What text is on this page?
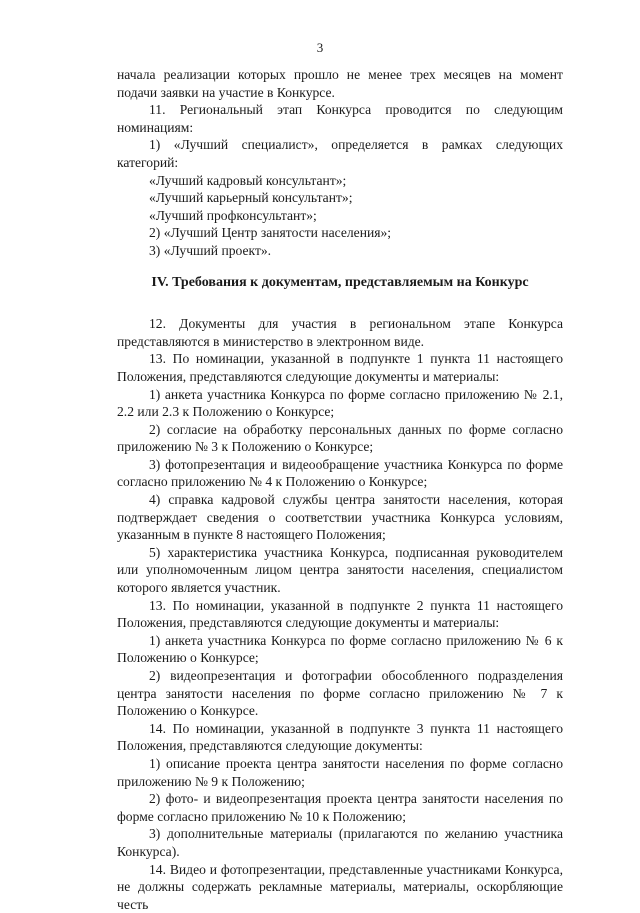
3

начала реализации которых прошло не менее трех месяцев на момент подачи заявки на участие в Конкурсе.

11. Региональный этап Конкурса проводится по следующим номинациям:

1) «Лучший специалист», определяется в рамках следующих категорий:

«Лучший кадровый консультант»;

«Лучший карьерный консультант»;

«Лучший профконсультант»;

2) «Лучший Центр занятости населения»;

3) «Лучший проект».

IV. Требования к документам, представляемым на Конкурс

12. Документы для участия в региональном этапе Конкурса представляются в министерство в электронном виде.

13. По номинации, указанной в подпункте 1 пункта 11 настоящего Положения, представляются следующие документы и материалы:

1) анкета участника Конкурса по форме согласно приложению № 2.1, 2.2 или 2.3 к Положению о Конкурсе;

2) согласие на обработку персональных данных по форме согласно приложению № 3 к Положению о Конкурсе;

3) фотопрезентация и видеообращение участника Конкурса по форме согласно приложению № 4 к Положению о Конкурсе;

4) справка кадровой службы центра занятости населения, которая подтверждает сведения о соответствии участника Конкурса условиям, указанным в пункте 8 настоящего Положения;

5) характеристика участника Конкурса, подписанная руководителем или уполномоченным лицом центра занятости населения, специалистом которого является участник.

13. По номинации, указанной в подпункте 2 пункта 11 настоящего Положения, представляются следующие документы и материалы:

1) анкета участника Конкурса по форме согласно приложению № 6 к Положению о Конкурсе;

2) видеопрезентация и фотографии обособленного подразделения центра занятости населения по форме согласно приложению № 7 к Положению о Конкурсе.

14. По номинации, указанной в подпункте 3 пункта 11 настоящего Положения, представляются следующие документы:

1) описание проекта центра занятости населения по форме согласно приложению № 9 к Положению;

2) фото- и видеопрезентация проекта центра занятости населения по форме согласно приложению № 10 к Положению;

3) дополнительные материалы (прилагаются по желанию участника Конкурса).

14. Видео и фотопрезентации, представленные участниками Конкурса, не должны содержать рекламные материалы, материалы, оскорбляющие честь
